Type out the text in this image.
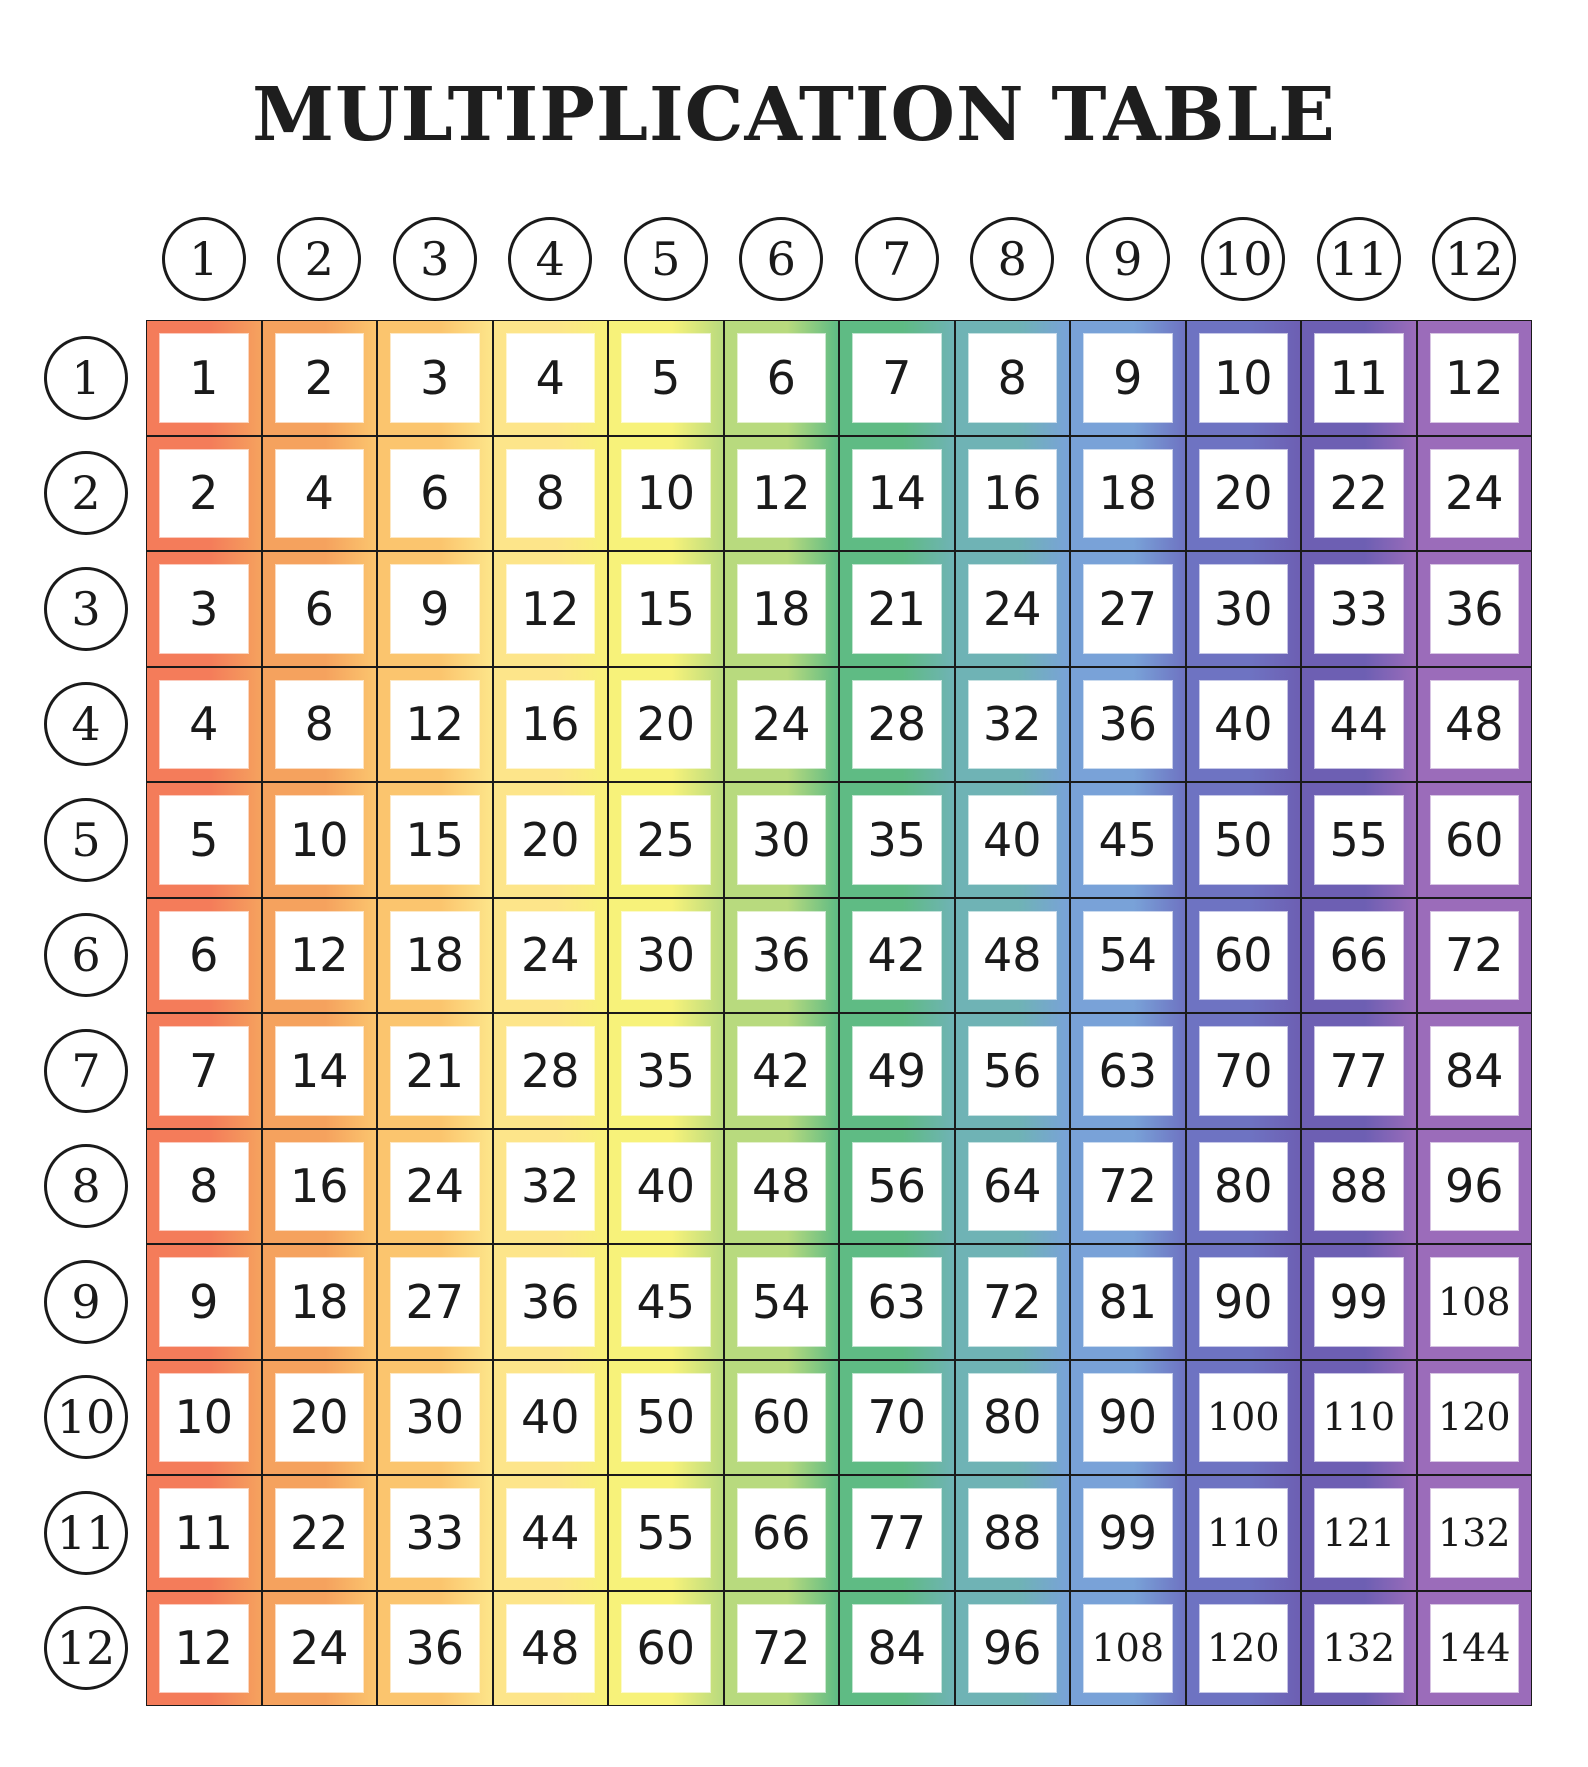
MULTIPLICATION TABLE
1	2	3	4	5	6	7	8	9	10 11 12
1
2
3
4
5
6
7
8
9
10
11
12
1	2	3	4	5	6	7	8	9	10	11	12
2	4	6	8	10	12	14	16	18	20	22	24
3	6	9	12	15	18	21	24	27	30	33	36
4	8	12	16	20	24	28	32	36	40	44	48
5	10	15	20	25	30	35	40	45	50	55	60
6	12	18	24	30	36	42	48	54	60	66	72
7	14	21	28	35	42	49	56	63	70	77	84
8	16	24	32	40	48	56	64	72	80	88	96
9	18	27	36	45	54	63	72	81	90	99	108
10	20	30	40	50	60	70	80	90	100 110 120
11	22	33	44	55	66	77	88	99	110 121 132
12	24	36	48	60	72	84	96	108 120 132 144
